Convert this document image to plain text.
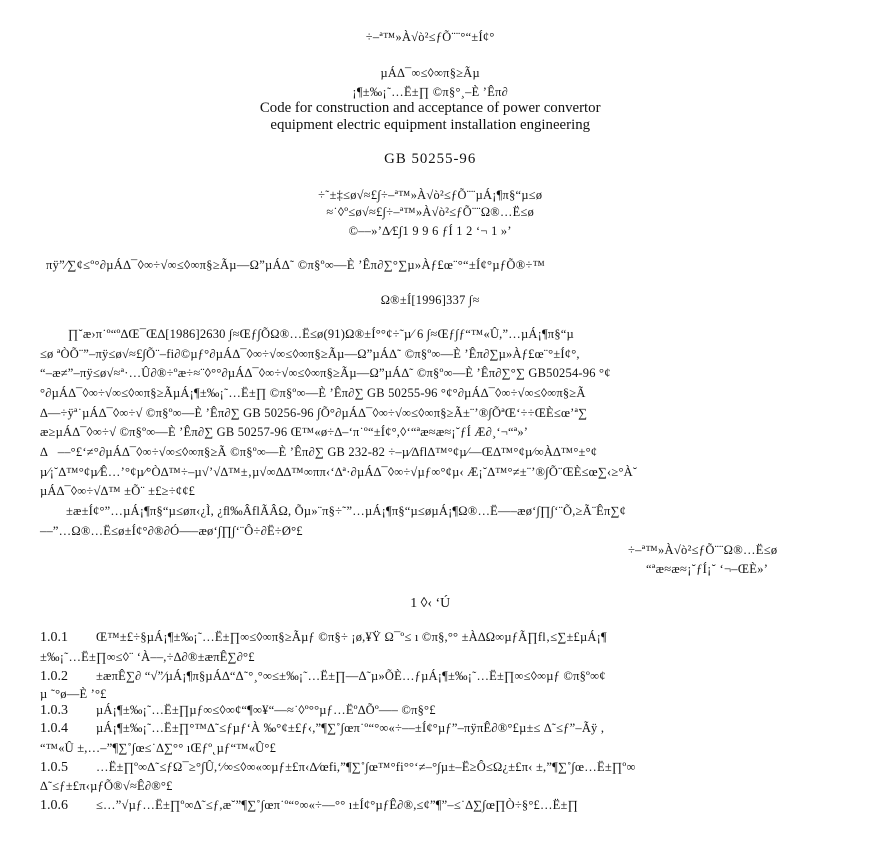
÷–ª™»À√ò²≤ƒÕ¨¨°“±Í¢°
µÁ∆¯∞≤◊∞π§≥Ãµ
¡¶±‰¡˜…Ë±∏ ©π§°¸–È ’Êπ∂
Code for construction and acceptance of power convertor
equipment electric equipment installation engineering
GB 50255-96
÷˜±‡≤ø√≈£∫÷–ª™»À√ò²≤ƒÕ¨¨µÁ¡¶π§“µ≤ø
≈˙◊º≤ø√≈£∫÷–ª™»À√ò²≤ƒÕ¨¨Ω®…Ë≤ø
©––»’∆⁄£∫1 9 9 6 ƒÍ 1 2 ‘¬ 1 »’
πÿ”⁄∑¢≤º°∂µÁ∆¯◊∞÷√∞≤◊∞π§≥Ãµ—Ω”µÁ∆˜ ©π§º∞—È ’Êπ∂∑°∑µ»Àƒ£œ¨°“±Í¢°µƒÕ®÷™
Ω®±Í[1996]337 ∫≈
∏˘æ›π˙º“º∆Œ¯Œ∆[1986]2630 ∫≈Œƒ∫ÕΩ®…Ë≤ø(91)Ω®±Í°°¢÷˜µ⁄ 6 ∫≈Œƒ∫ƒ“™«Û,”…µÁ¡¶π§“µ
≤ø ªÒÕ¨”–πÿ≤ø√≈£∫Õ¨–fi∂©µƒ°∂µÁ∆¯◊∞÷√∞≤◊∞π§≥Ãµ—Ω”µÁ∆˜ ©π§º∞—È ’Êπ∂∑µ»Àƒ£œ¨°±Í¢°,
“–æ≠”–πÿ≤ø√≈ª·…Û∂®÷ºæ÷≈¨◊°°∂µÁ∆¯◊∞÷√∞≤◊∞π§≥Ãµ—Ω”µÁ∆˜ ©π§º∞—È ’Êπ∂∑°∑ GB50254-96 °¢
°∂µÁ∆¯◊∞÷√∞≤◊∞π§≥ÃµÁ¡¶±‰¡˜…Ë±∏ ©π§º∞—È ’Êπ∂∑ GB 50255-96 °¢°∂µÁ∆¯◊∞÷√∞≤◊∞π§≥Ã
∆—÷ÿª˙µÁ∆¯◊∞÷√ ©π§º∞—È ’Êπ∂∑ GB 50256-96 ∫Õ°∂µÁ∆¯◊∞÷√∞≤◊∞π§≥Ã±¨’®∫ÕªŒ‘÷÷ŒÈ≤œ’ª∑
æ≥µÁ∆¯◊∞÷√ ©π§º∞—È ’Êπ∂∑ GB 50257-96 Œ™«ø÷∆–‘π˙º“±Í¢°,◊‘“ªæ≈æ≈¡˘ƒÍ Æ∂¸‘¬“ª»’
∆𠩖––°£‘≠°∂µÁ∆¯◊∞÷√∞≤◊∞π§≥Ã ©π§º∞—È ’Êπ∂∑ GB 232-82 ÷–µ⁄∆fl∆™°¢µ⁄—Œ∆™°¢µ⁄∞À∆™°±°¢
µ⁄¡˘∆™°¢µ⁄Ê…’°¢µ⁄°Ò∆™÷–µ√’√∆™±‚µ√∞∆∆™∞ππ‹‘∆ª·∂µÁ∆¯◊∞÷√µƒ∞°¢µ‹ Æ¡˘∆™°≠±¨’®∫Õ¨ŒÈ≤œ∑‹≥°À˘
µÁ∆¯◊∞÷√∆™ ±Õ¨ ±£≥÷¢¢£
±æ±Í¢°”…µÁ¡¶π§“µ≤øπ‹¿Ì, ¿ﬂ‰ÂflÃÂΩ, Õµ»¨π§÷˜”…µÁ¡¶π§“µ≤øµÁ¡¶Ω®…Ë—–æø‘∫∏∫‘¨Õ,≥Ã¨Êπ∑¢
––”…Ω®…Ë≤ø±Í¢°∂®∂Ó—–æø‘∫∏∫‘¨Ô÷∂Ë÷Ø°£
÷–ª™»À√ò²≤ƒÕ¨¨Ω®…Ë≤ø
“ªæ≈æ≈¡˘ƒÍ¡˘ ‘¬–ŒÈ»’
1 ◊‹ ‘Ú
1.0.1 Œ™±£÷§µÁ¡¶±‰¡˜…Ë±∏∞≤◊∞π§≥Ãµƒ ©π§÷ ¡ø,¥Ÿ Ω¯º≤ ı ©π§,°° ±À∆Ω∞µƒÃ∏fl‚≤∑±£µÁ¡¶
±‰¡˜…Ë±∏∞≤◊¨ ‘À––,÷∆∂®±æπÊ∑∂°£
1.0.2 ±æπÊ∑∂ “√”⁄µÁ¡¶π§µÁ∆“Δ˜°¸°∞≤±‰¡˜…Ë±∏—Δ˜µ»ÕÈ…ƒµÁ¡¶±‰¡˜…Ë±∏∞≤◊∞µƒ ©π§º∞¢
µ ˜°ø—È ’°£
1.0.3 µÁ¡¶±‰¡˜…Ë±∏µƒ∞≤◊∞¢“¶∞¥“—≈˙◊º°°µƒ…Ëº∆Õº—– ©π§°£
1.0.4 µÁ¡¶±‰¡˜…Ë±∏°™∆˜≤ƒµƒ‘À ‰°¢±£ƒ‹,”¶∑˚∫œπ˙º“°∞«÷––±Í¢°µƒ”–πÿπÊ∂®°£µ±≤ ∆˜≤ƒ”–Ãÿ ,
“™«Û ±,…–”¶∑˚∫œ≤˙∆∑°° ıŒƒº˛µƒ“™«Û°£
1.0.5 …Ë±∏º∞∆˜≤ƒΩ¯≥°∫Û,‘⁄∞≤◊∞«∞µƒ±£π‹∆⁄œfi,”¶∑˚∫œ™°fi°°‘≠–°∫µ±–Ë≥Ô≤Ω¿±£π‹ ±,”¶∑˚∫œ…Ë±∏º∞
∆˜≤ƒ±£π‹µƒÕ®√≈Ê∂®°£
1.0.6 ≤…”√µƒ…Ë±∏º∞∆˜≤ƒ,æ˘”¶∑˚∫œπ˙º“°∞«÷––°° ı±Í¢°µƒÊ∂®,≤¢”¶”–≤˙∆∑∫œ∏Ò÷§°£…Ë±∏
